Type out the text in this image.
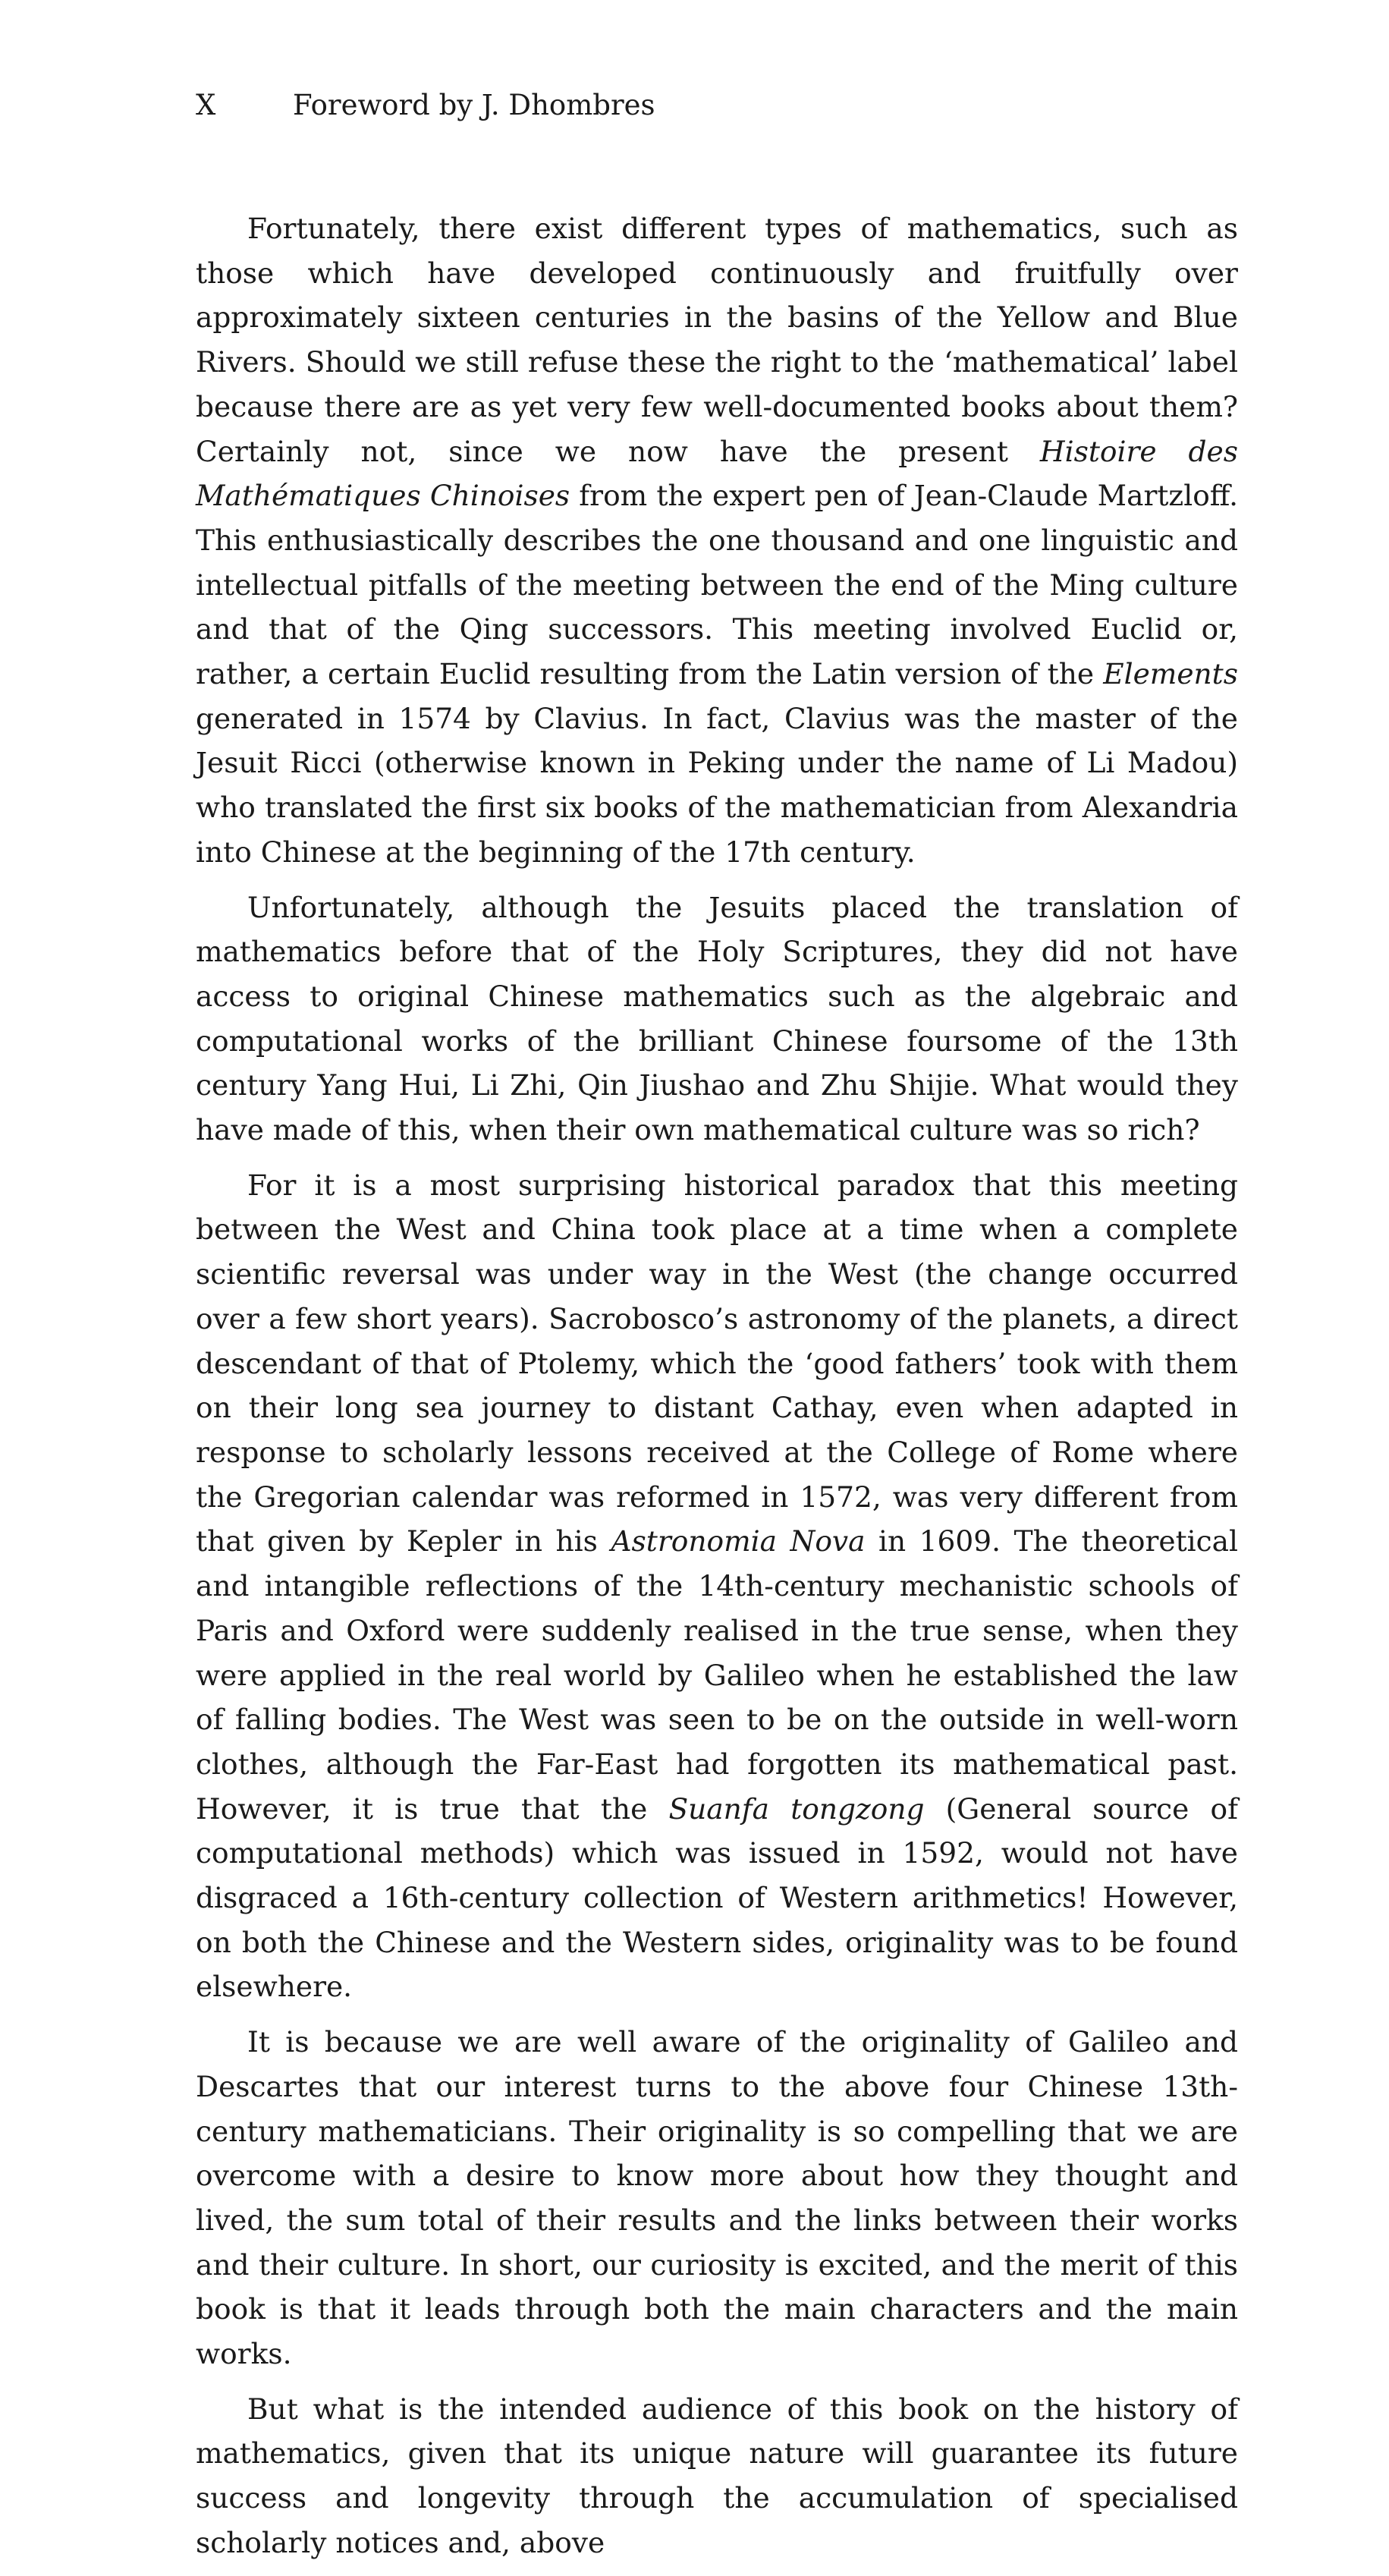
X	Foreword by J. Dhombres

Fortunately, there exist different types of mathematics, such as those which have developed continuously and fruitfully over approximately sixteen centuries in the basins of the Yellow and Blue Rivers. Should we still refuse these the right to the ‘mathematical’ label because there are as yet very few well-documented books about them? Certainly not, since we now have the present Histoire des Mathématiques Chinoises from the expert pen of Jean-Claude Martzloff. This enthusiastically describes the one thousand and one linguistic and intellectual pitfalls of the meeting between the end of the Ming culture and that of the Qing successors. This meeting involved Euclid or, rather, a certain Euclid resulting from the Latin version of the Elements generated in 1574 by Clavius. In fact, Clavius was the master of the Jesuit Ricci (otherwise known in Peking under the name of Li Madou) who translated the first six books of the mathematician from Alexandria into Chinese at the beginning of the 17th century.

Unfortunately, although the Jesuits placed the translation of mathematics before that of the Holy Scriptures, they did not have access to original Chinese mathematics such as the algebraic and computational works of the brilliant Chinese foursome of the 13th century Yang Hui, Li Zhi, Qin Jiushao and Zhu Shijie. What would they have made of this, when their own mathematical culture was so rich?

For it is a most surprising historical paradox that this meeting between the West and China took place at a time when a complete scientific reversal was under way in the West (the change occurred over a few short years). Sacrobosco’s astronomy of the planets, a direct descendant of that of Ptolemy, which the ‘good fathers’ took with them on their long sea journey to distant Cathay, even when adapted in response to scholarly lessons received at the College of Rome where the Gregorian calendar was reformed in 1572, was very different from that given by Kepler in his Astronomia Nova in 1609. The theoretical and intangible reflections of the 14th-century mechanistic schools of Paris and Oxford were suddenly realised in the true sense, when they were applied in the real world by Galileo when he established the law of falling bodies. The West was seen to be on the outside in well-worn clothes, although the Far-East had forgotten its mathematical past. However, it is true that the Suanfa tongzong (General source of computational methods) which was issued in 1592, would not have disgraced a 16th-century collection of Western arithmetics! However, on both the Chinese and the Western sides, originality was to be found elsewhere.

It is because we are well aware of the originality of Galileo and Descartes that our interest turns to the above four Chinese 13th-century mathematicians. Their originality is so compelling that we are overcome with a desire to know more about how they thought and lived, the sum total of their results and the links between their works and their culture. In short, our curiosity is excited, and the merit of this book is that it leads through both the main characters and the main works.

But what is the intended audience of this book on the history of mathematics, given that its unique nature will guarantee its future success and longevity through the accumulation of specialised scholarly notices and, above
